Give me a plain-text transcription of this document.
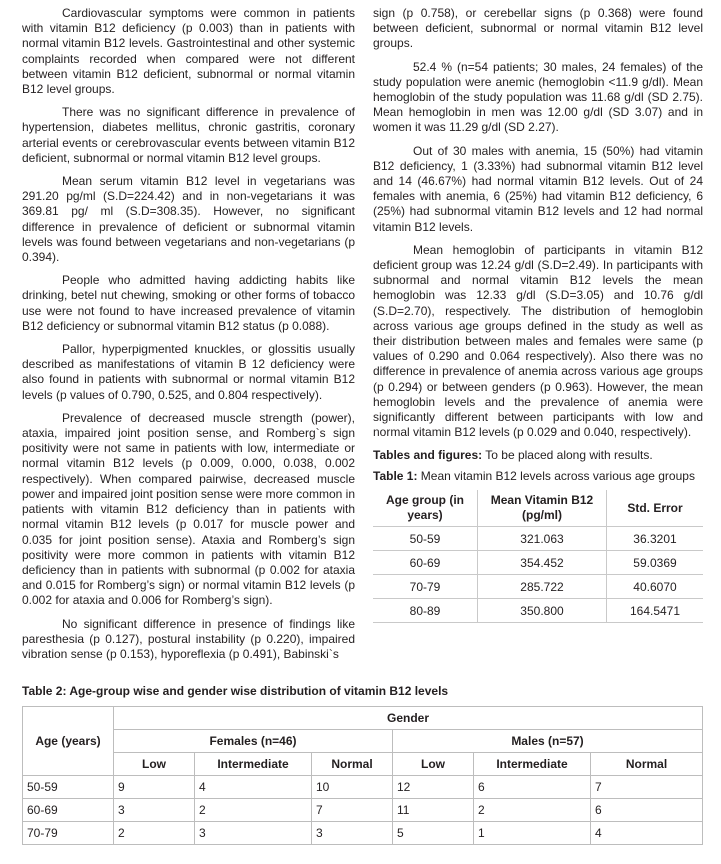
Cardiovascular symptoms were common in patients with vitamin B12 deficiency (p 0.003) than in patients with normal vitamin B12 levels. Gastrointestinal and other systemic complaints recorded when compared were not different between vitamin B12 deficient, subnormal or normal vitamin B12 level groups.

There was no significant difference in prevalence of hypertension, diabetes mellitus, chronic gastritis, coronary arterial events or cerebrovascular events between vitamin B12 deficient, subnormal or normal vitamin B12 level groups.

Mean serum vitamin B12 level in vegetarians was 291.20 pg/ml (S.D=224.42) and in non-vegetarians it was 369.81 pg/ ml (S.D=308.35). However, no significant difference in prevalence of deficient or subnormal vitamin levels was found between vegetarians and non-vegetarians (p 0.394).

People who admitted having addicting habits like drinking, betel nut chewing, smoking or other forms of tobacco use were not found to have increased prevalence of vitamin B12 deficiency or subnormal vitamin B12 status (p 0.088).

Pallor, hyperpigmented knuckles, or glossitis usually described as manifestations of vitamin B 12 deficiency were also found in patients with subnormal or normal vitamin B12 levels (p values of 0.790, 0.525, and 0.804 respectively).

Prevalence of decreased muscle strength (power), ataxia, impaired joint position sense, and Romberg`s sign positivity were not same in patients with low, intermediate or normal vitamin B12 levels (p 0.009, 0.000, 0.038, 0.002 respectively). When compared pairwise, decreased muscle power and impaired joint position sense were more common in patients with vitamin B12 deficiency than in patients with normal vitamin B12 levels (p 0.017 for muscle power and 0.035 for joint position sense). Ataxia and Romberg’s sign positivity were more common in patients with vitamin B12 deficiency than in patients with subnormal (p 0.002 for ataxia and 0.015 for Romberg’s sign) or normal vitamin B12 levels (p 0.002 for ataxia and 0.006 for Romberg’s sign).

No significant difference in presence of findings like paresthesia (p 0.127), postural instability (p 0.220), impaired vibration sense (p 0.153), hyporeflexia (p 0.491), Babinski`s

sign (p 0.758), or cerebellar signs (p 0.368) were found between deficient, subnormal or normal vitamin B12 level groups.

52.4 % (n=54 patients; 30 males, 24 females) of the study population were anemic (hemoglobin <11.9 g/dl). Mean hemoglobin of the study population was 11.68 g/dl (SD 2.75). Mean hemoglobin in men was 12.00 g/dl (SD 3.07) and in women it was 11.29 g/dl (SD 2.27).

Out of 30 males with anemia, 15 (50%) had vitamin B12 deficiency, 1 (3.33%) had subnormal vitamin B12 level and 14 (46.67%) had normal vitamin B12 levels. Out of 24 females with anemia, 6 (25%) had vitamin B12 deficiency, 6 (25%) had subnormal vitamin B12 levels and 12 had normal vitamin B12 levels.

Mean hemoglobin of participants in vitamin B12 deficient group was 12.24 g/dl (S.D=2.49). In participants with subnormal and normal vitamin B12 levels the mean hemoglobin was 12.33 g/dl (S.D=3.05) and 10.76 g/dl (S.D=2.70), respectively. The distribution of hemoglobin across various age groups defined in the study as well as their distribution between males and females were same (p values of 0.290 and 0.064 respectively). Also there was no difference in prevalence of anemia across various age groups (p 0.294) or between genders (p 0.963). However, the mean hemoglobin levels and the prevalence of anemia were significantly different between participants with low and normal vitamin B12 levels (p 0.029 and 0.040, respectively).

Tables and figures: To be placed along with results.
Table 1: Mean vitamin B12 levels across various age groups
Age group (in years)	Mean Vitamin B12 (pg/ml)	Std. Error
50-59	321.063	36.3201
60-69	354.452	59.0369
70-79	285.722	40.6070
80-89	350.800	164.5471
Table 2: Age-group wise and gender wise distribution of vitamin B12 levels
Age (years)	Gender					
	Females (n=46)			Males (n=57)		
	Low	Intermediate	Normal	Low	Intermediate	Normal
50-59	9	4	10	12	6	7
60-69	3	2	7	11	2	6
70-79	2	3	3	5	1	4
